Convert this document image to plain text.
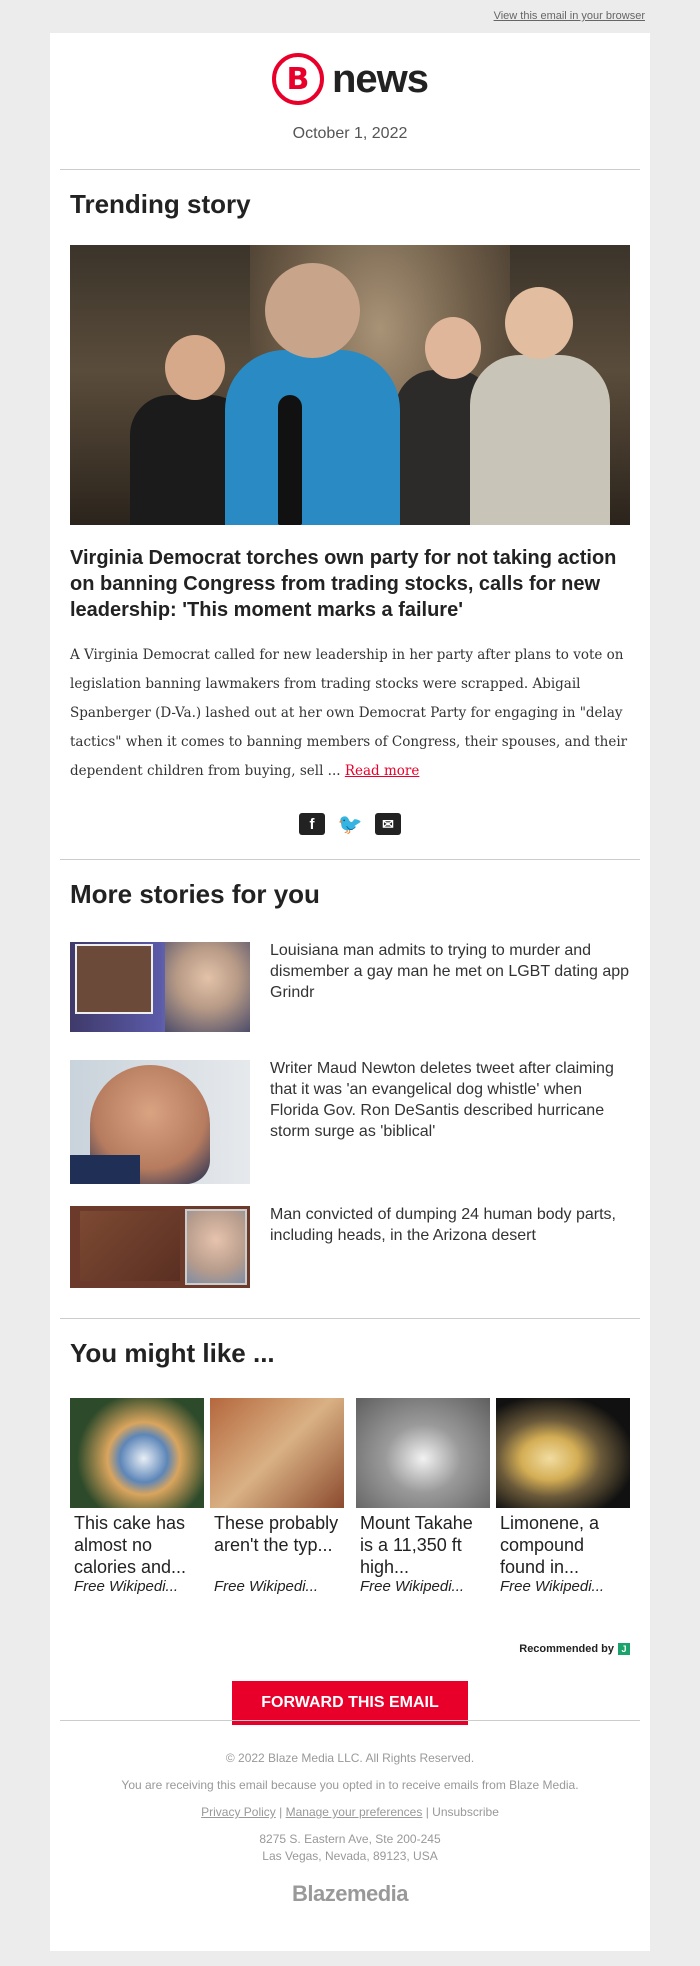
View this email in your browser
B news
October 1, 2022
Trending story
Virginia Democrat torches own party for not taking action on banning Congress from trading stocks, calls for new leadership: 'This moment marks a failure'
A Virginia Democrat called for new leadership in her party after plans to vote on legislation banning lawmakers from trading stocks were scrapped. Abigail Spanberger (D-Va.) lashed out at her own Democrat Party for engaging in "delay tactics" when it comes to banning members of Congress, their spouses, and their dependent children from buying, sell ... Read more
f	🐦	✉
More stories for you
Louisiana man admits to trying to murder and dismember a gay man he met on LGBT dating app Grindr
Writer Maud Newton deletes tweet after claiming that it was 'an evangelical dog whistle' when Florida Gov. Ron DeSantis described hurricane storm surge as 'biblical'
Man convicted of dumping 24 human body parts, including heads, in the Arizona desert
You might like ...
This cake has almost no calories and...
Free Wikipedi...
These probably aren't the typ...
Free Wikipedi...
Mount Takahe is a 11,350 ft high...
Free Wikipedi...
Limonene, a compound found in...
Free Wikipedi...
Recommended by J
FORWARD THIS EMAIL
© 2022 Blaze Media LLC. All Rights Reserved.
You are receiving this email because you opted in to receive emails from Blaze Media.
Privacy Policy | Manage your preferences | Unsubscribe
8275 S. Eastern Ave, Ste 200-245
Las Vegas, Nevada, 89123, USA
Blazemedia
